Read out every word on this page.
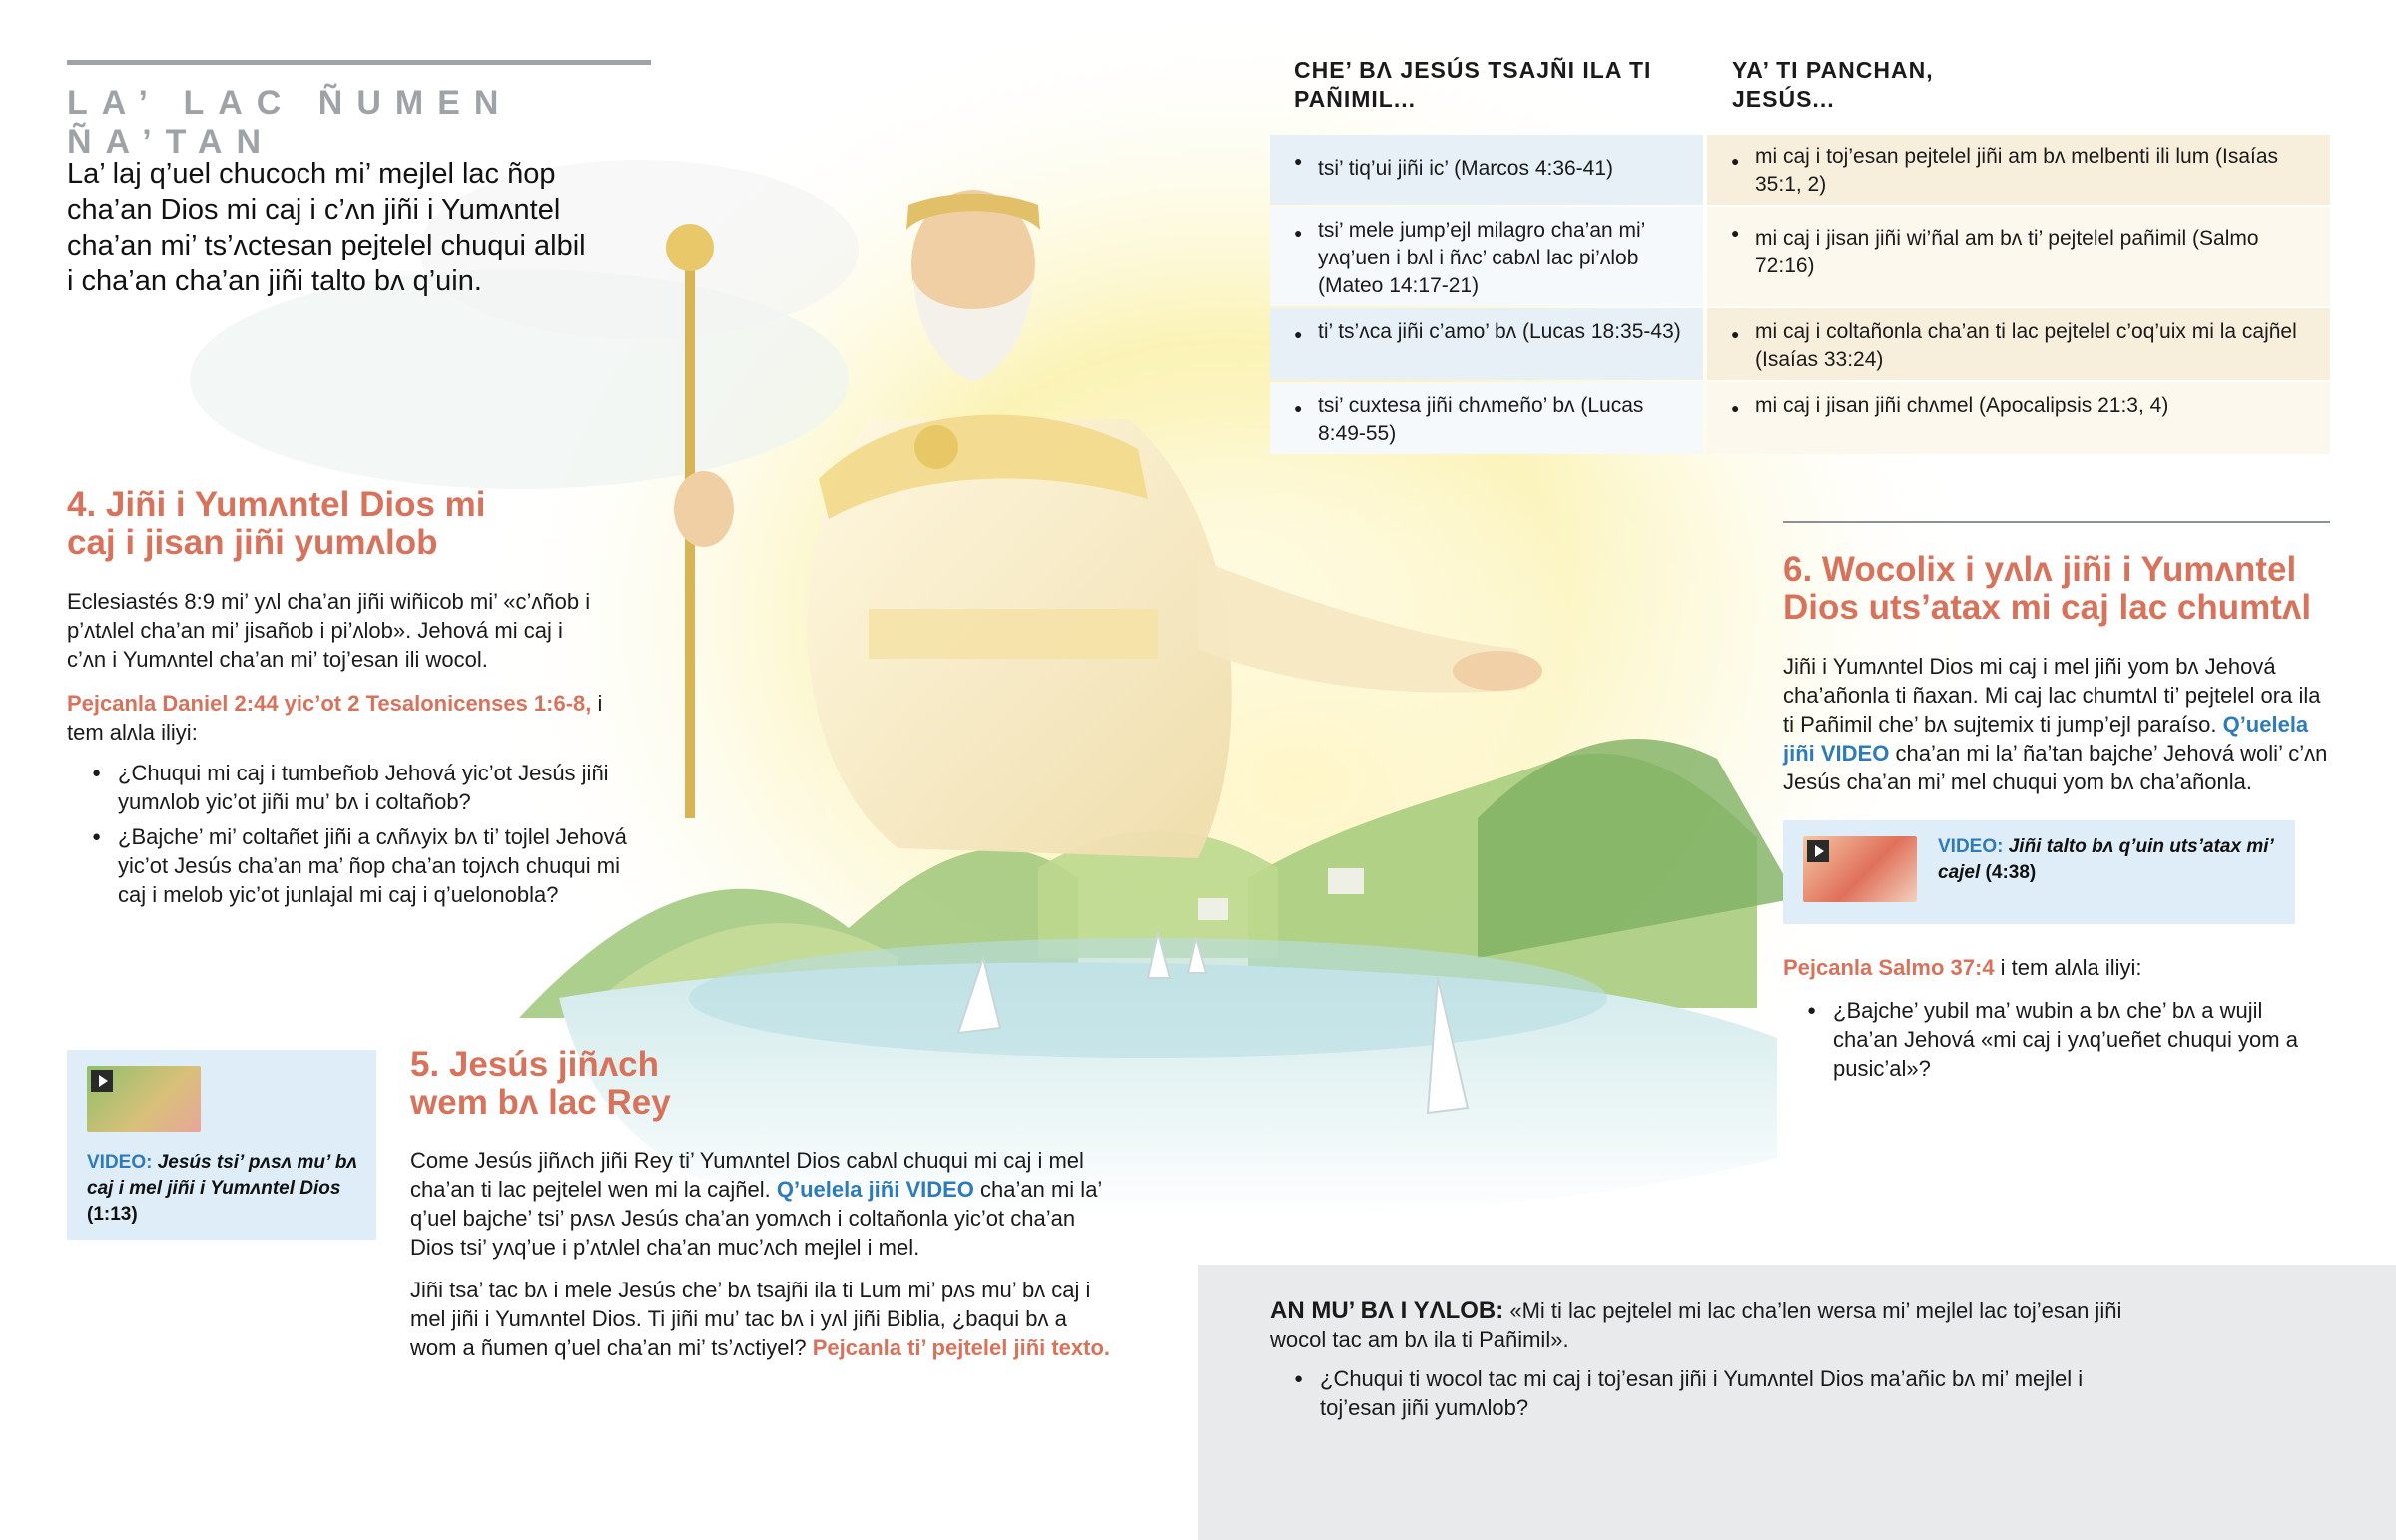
LA’ LAC ÑUMEN ÑA’TAN
La’ laj q’uel chucoch mi’ mejlel lac ñop cha’an Dios mi caj i c’ʌn jiñi i Yumʌntel cha’an mi’ ts’ʌctesan pejtelel chuqui albil i cha’an cha’an jiñi talto bʌ q’uin.
4. Jiñi i Yumʌntel Dios mi
caj i jisan jiñi yumʌlob
Eclesiastés 8:9 mi’ yʌl cha’an jiñi wiñicob mi’ «c’ʌñob i p’ʌtʌlel cha’an mi’ jisañob i pi’ʌlob». Jehová mi caj i c’ʌn i Yumʌntel cha’an mi’ toj’esan ili wocol.
Pejcanla Daniel 2:44 yic’ot 2 Tesalonicenses 1:6-8, i tem alʌla iliyi:
● ¿Chuqui mi caj i tumbeñob Jehová yic’ot Jesús jiñi yumʌlob yic’ot jiñi mu’ bʌ i coltañob?
● ¿Bajche’ mi’ coltañet jiñi a cʌñʌyix bʌ ti’ tojlel Jehová yic’ot Jesús cha’an ma’ ñop cha’an tojʌch chuqui mi caj i melob yic’ot junlajal mi caj i q’uelonobla?
VIDEO: Jesús tsi’ pʌsʌ mu’ bʌ caj i mel jiñi i Yumʌntel Dios
(1:13)
5. Jesús jiñʌch
wem bʌ lac Rey
Come Jesús jiñʌch jiñi Rey ti’ Yumʌntel Dios cabʌl chuqui mi caj i mel cha’an ti lac pejtelel wen mi la cajñel. Q’uelela jiñi VIDEO cha’an mi la’ q’uel bajche’ tsi’ pʌsʌ Jesús cha’an yomʌch i coltañonla yic’ot cha’an Dios tsi’ yʌq’ue i p’ʌtʌlel cha’an muc’ʌch mejlel i mel.
Jiñi tsa’ tac bʌ i mele Jesús che’ bʌ tsajñi ila ti Lum mi’ pʌs mu’ bʌ caj i mel jiñi i Yumʌntel Dios. Ti jiñi mu’ tac bʌ i yʌl jiñi Biblia, ¿baqui bʌ a wom a ñumen q’uel cha’an mi’ ts’ʌctiyel? Pejcanla ti’ pejtelel jiñi texto.
CHE’ BɅ JESÚS TSAJÑI ILA TI PAÑIMIL...
YA’ TI PANCHAN, JESÚS...
● tsi’ tiq’ui jiñi ic’ (Marcos 4:36-41)
● tsi’ mele jump’ejl milagro cha’an mi’ yʌq’uen i bʌl i ñʌc’ cabʌl lac pi’ʌlob (Mateo 14:17-21)
● ti’ ts’ʌca jiñi c’amo’ bʌ (Lucas 18:35-43)
● tsi’ cuxtesa jiñi chʌmeño’ bʌ (Lucas 8:49-55)
● mi caj i toj’esan pejtelel jiñi am bʌ melbenti ili lum (Isaías 35:1, 2)
● mi caj i jisan jiñi wi’ñal am bʌ ti’ pejtelel pañimil (Salmo 72:16)
● mi caj i coltañonla cha’an ti lac pejtelel c’oq’uix mi la cajñel (Isaías 33:24)
● mi caj i jisan jiñi chʌmel (Apocalipsis 21:3, 4)
6. Wocolix i yʌlʌ jiñi i Yumʌntel
Dios uts’atax mi caj lac chumtʌl
Jiñi i Yumʌntel Dios mi caj i mel jiñi yom bʌ Jehová cha’añonla ti ñaxan. Mi caj lac chumtʌl ti’ pejtelel ora ila ti Pañimil che’ bʌ sujtemix ti jump’ejl paraíso. Q’uelela jiñi VIDEO cha’an mi la’ ña’tan bajche’ Jehová woli’ c’ʌn Jesús cha’an mi’ mel chuqui yom bʌ cha’añonla.
VIDEO: Jiñi talto bʌ q’uin uts’atax mi’ cajel (4:38)
Pejcanla Salmo 37:4 i tem alʌla iliyi:
● ¿Bajche’ yubil ma’ wubin a bʌ che’ bʌ a wujil cha’an Jehová «mi caj i yʌq’ueñet chuqui yom a pusic’al»?
AN MU’ BɅ I YɅLOB: «Mi ti lac pejtelel mi lac cha’len wersa mi’ mejlel lac toj’esan jiñi wocol tac am bʌ ila ti Pañimil».
● ¿Chuqui ti wocol tac mi caj i toj’esan jiñi i Yumʌntel Dios ma’añic bʌ mi’ mejlel i toj’esan jiñi yumʌlob?
